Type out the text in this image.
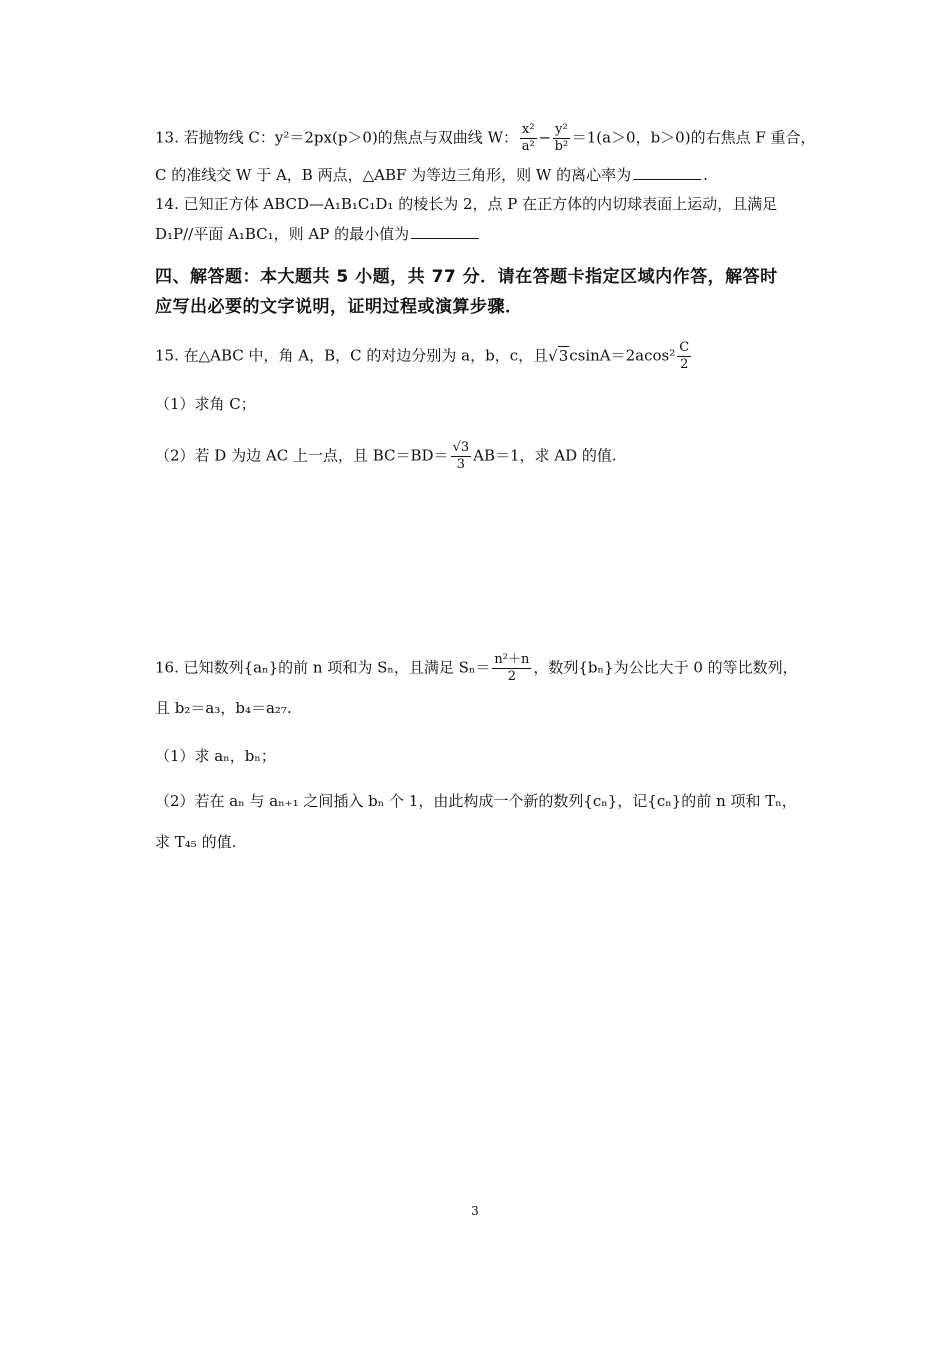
13. 若抛物线 C：y²＝2px(p＞0)的焦点与双曲线 W： $\frac{\text{x²}}{\text{a²}} - \frac{\text{y²}}{\text{b²}} =1(a>0$，b＞0)的右焦点 F 重合，
C 的准线交 W 于 A，B 两点，△ABF 为等边三角形，则 W 的离心率为	.
14. 已知正方体 ABCD—A₁B₁C₁D₁ 的棱长为 2，点 P 在正方体的内切球表面上运动，且满足
D₁P//平面 A₁BC₁，则 AP 的最小值为
四、解答题：本大题共 5 小题，共 77 分．请在答题卡指定区域内作答，解答时
应写出必要的文字说明，证明过程或演算步骤．
15. 在△ABC 中，角 A，B，C 的对边分别为 a，b，c，且$√3csinA=2acos^2 \frac{C}{2}$
（1）求角 C；
（2）若 D 为边 AC 上一点，且 $BC=BD= \frac{√3}{3} AB=1$，求 AD 的值.
16. 已知数列{aₙ}的前 n 项和为 Sₙ，且满足 $S_n= \frac{\text{n²＋n}}{2}$ ，数列{bₙ}为公比大于 0 的等比数列，
且 b₂＝a₃，b₄＝a₂₇.
（1）求 aₙ，bₙ；
（2）若在 aₙ 与 aₙ₊₁ 之间插入 bₙ 个 1，由此构成一个新的数列{cₙ}，记{cₙ}的前 n 项和 Tₙ，
求 T₄₅ 的值.
3
